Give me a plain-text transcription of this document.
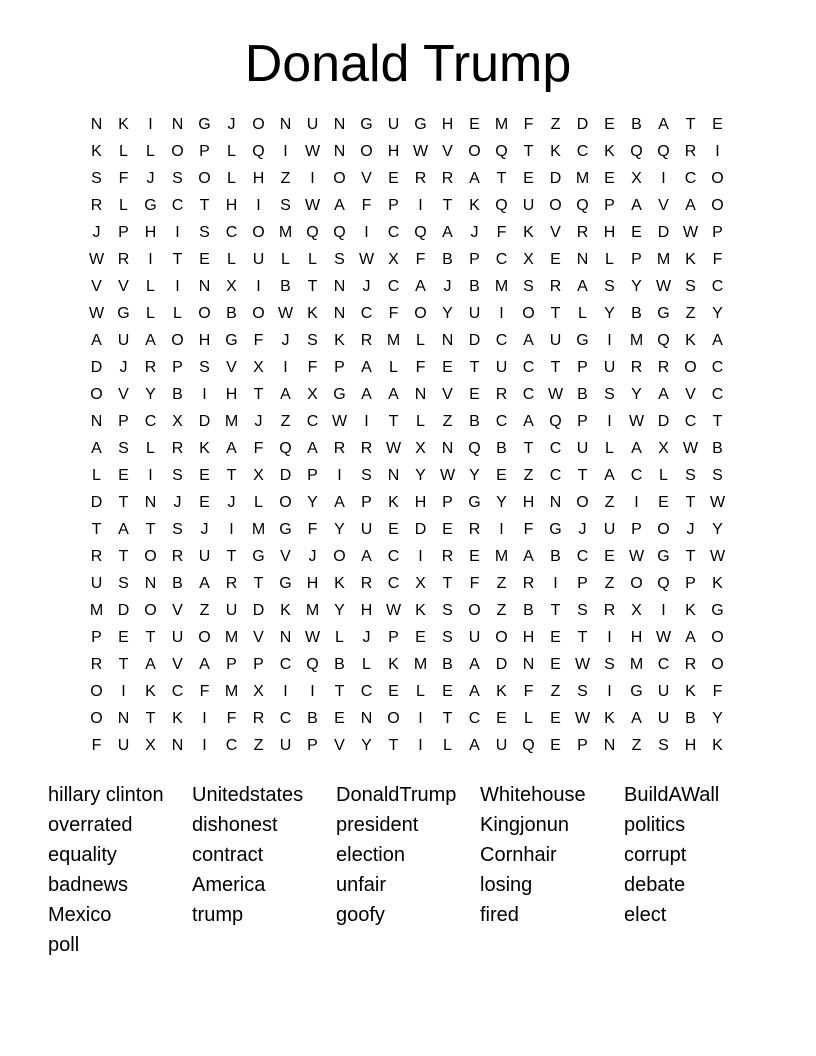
Donald Trump
N K	I	N G	J	O N U N G U G H E M F	Z	D E	B	A	T	E
K	L	L	O P	L	Q	I	W N O H W V O Q T	K C K Q Q R	I
S	F	J	S O	L	H	Z	I	O V	E R R A	T	E D M E	X	I	C O
R	L	G C	T	H	I	S W A	F	P	I	T	K Q U O Q P	A	V	A O
J	P H	I	S C O M Q Q	I	C Q A	J	F	K	V R H E D W P
W R	I	T	E	L	U	L	L	S W X	F	B	P C X	E N	L	P M K	F
V	V	L	I	N X	I	B	T	N	J	C A	J	B M S R A	S	Y W S C
W G	L	L	O B O W K N C	F O Y U	I	O T	L	Y	B G Z	Y
A U A O H G F	J	S	K R M L	N D C A U G	I	M Q K	A
D	J	R P	S	V	X	I	F	P	A	L	F	E	T	U C	T	P U R R O C
O V	Y	B	I	H	T	A	X G A	A N V	E R C W B	S	Y	A	V C
N P C X D M	J	Z	C W	I	T	L	Z	B C A Q P	I	W D C	T
A	S	L	R K	A	F Q A R R W X N Q B	T	C U	L	A	X W B
L	E	I	S	E	T	X D P	I	S N Y W Y	E	Z	C	T	A C	L	S	S
D	T	N	J	E	J	L	O Y	A	P	K H P G Y H N O Z	I	E	T W
T	A	T	S	J	I	M G F	Y U E D E R	I	F G	J	U P O	J	Y
R	T O R U	T G V	J	O A C	I	R E M A	B C E W G T W
U S N B	A R	T G H K R C X	T	F	Z	R	I	P	Z O Q P	K
M D O V	Z	U D K M Y H W K	S O Z	B	T	S R X	I	K G
P	E	T	U O M V N W L	J	P	E	S U O H E	T	I	H W A O
R	T	A	V	A	P	P C Q B	L	K M B	A D N E W S M C R O
O	I	K C	F M X	I	I	T	C E	L	E	A	K	F	Z	S	I	G U K	F
O N	T	K	I	F	R C B	E N O	I	T	C E	L	E W K	A U B	Y
F	U X N	I	C	Z	U P	V	Y	T	I	L	A U Q E	P N	Z	S H K
hillary clinton	Unitedstates	DonaldTrump	Whitehouse	BuildAWall
overrated	dishonest	president	Kingjonun	politics
equality	contract	election	Cornhair	corrupt
badnews	America	unfair	losing	debate
Mexico	trump	goofy	fired	elect
poll
